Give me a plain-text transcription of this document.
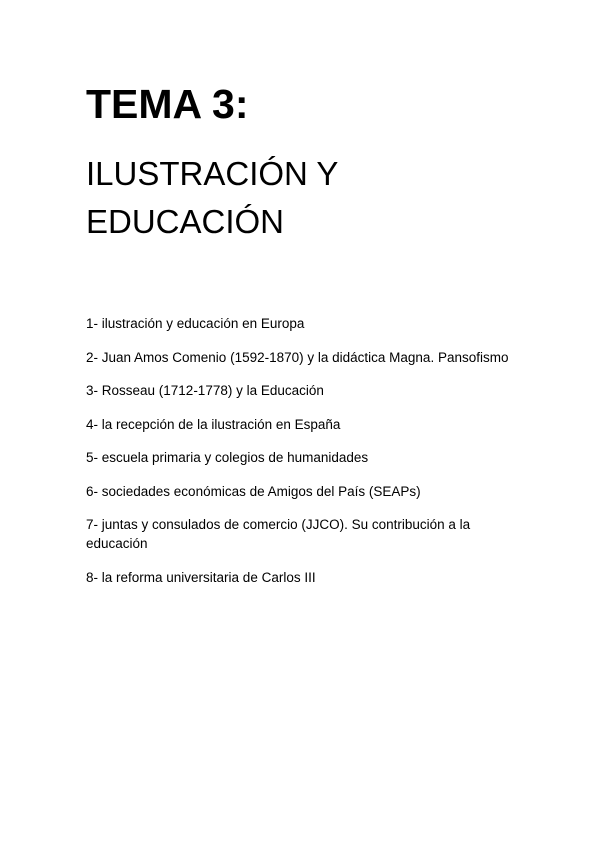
TEMA 3:
ILUSTRACIÓN Y
EDUCACIÓN
1- ilustración y educación en Europa
2- Juan Amos Comenio (1592-1870) y la didáctica Magna. Pansofismo
3- Rosseau (1712-1778) y la Educación
4- la recepción de la ilustración en España
5- escuela primaria y colegios de humanidades
6- sociedades económicas de Amigos del País (SEAPs)
7- juntas y consulados de comercio (JJCO). Su contribución a la educación
8- la reforma universitaria de Carlos III
